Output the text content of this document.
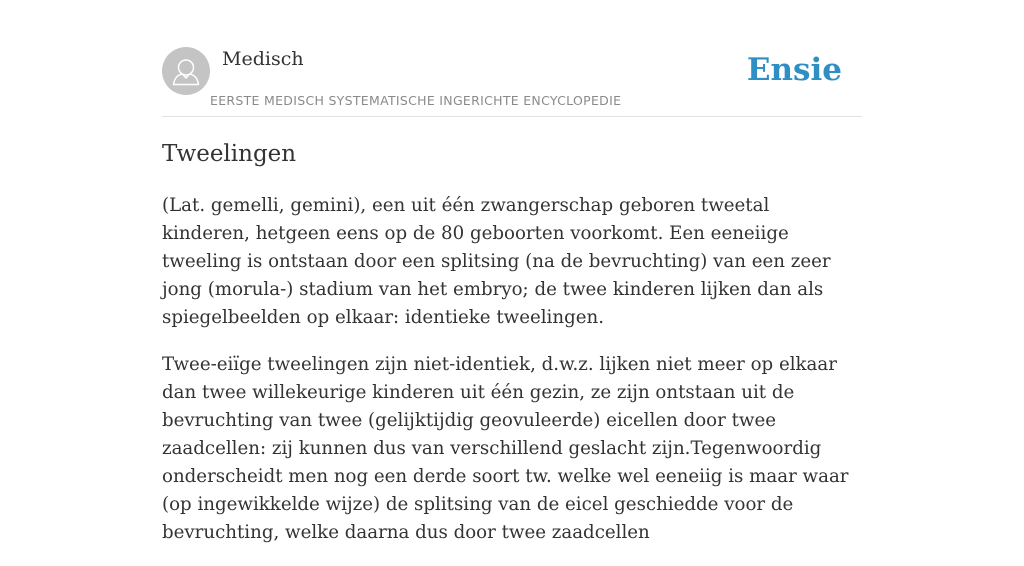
Medisch
EERSTE MEDISCH SYSTEMATISCHE INGERICHTE ENCYCLOPEDIE
Ensie
Tweelingen

(Lat. gemelli, gemini), een uit één zwangerschap geboren tweetal kinderen, hetgeen eens op de 80 geboorten voorkomt. Een eeneiige tweeling is ontstaan door een splitsing (na de bevruchting) van een zeer jong (morula-) stadium van het embryo; de twee kinderen lijken dan als spiegelbeelden op elkaar: identieke tweelingen.

Twee-eiïge tweelingen zijn niet-identiek, d.w.z. lijken niet meer op elkaar dan twee willekeurige kinderen uit één gezin, ze zijn ontstaan uit de bevruchting van twee (gelijktijdig geovuleerde) eicellen door twee zaadcellen: zij kunnen dus van verschillend geslacht zijn.Tegenwoordig onderscheidt men nog een derde soort tw. welke wel eeneiig is maar waar (op ingewikkelde wijze) de splitsing van de eicel geschiedde voor de bevruchting, welke daarna dus door twee zaadcellen
